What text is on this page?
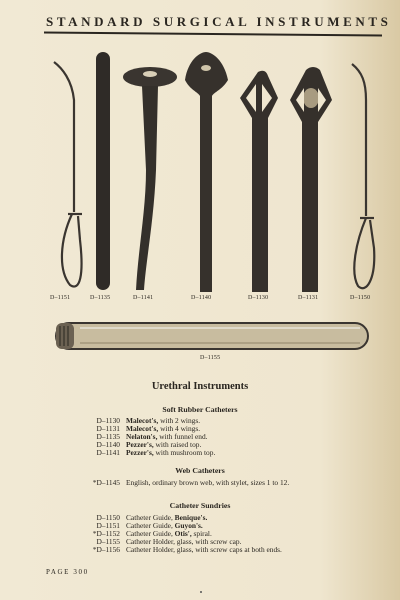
STANDARD SURGICAL INSTRUMENTS
D–1151	D–1135	D–1141	D–1140	D–1130	D–1131	D–1150
D–1155
Urethral Instruments
Soft Rubber Catheters
D–1130 Malecot's, with 2 wings.
D–1131 Malecot's, with 4 wings.
D–1135 Nelaton's, with funnel end.
D–1140 Pezzer's, with raised top.
D–1141 Pezzer's, with mushroom top.
Web Catheters
*D–1145 English, ordinary brown web, with stylet, sizes 1 to 12.
Catheter Sundries
D–1150 Catheter Guide, Benique's.
D–1151 Catheter Guide, Guyon's.
*D–1152 Catheter Guide, Otis', spiral.
D–1155 Catheter Holder, glass, with screw cap.
*D–1156 Catheter Holder, glass, with screw caps at both ends.
PAGE 300
